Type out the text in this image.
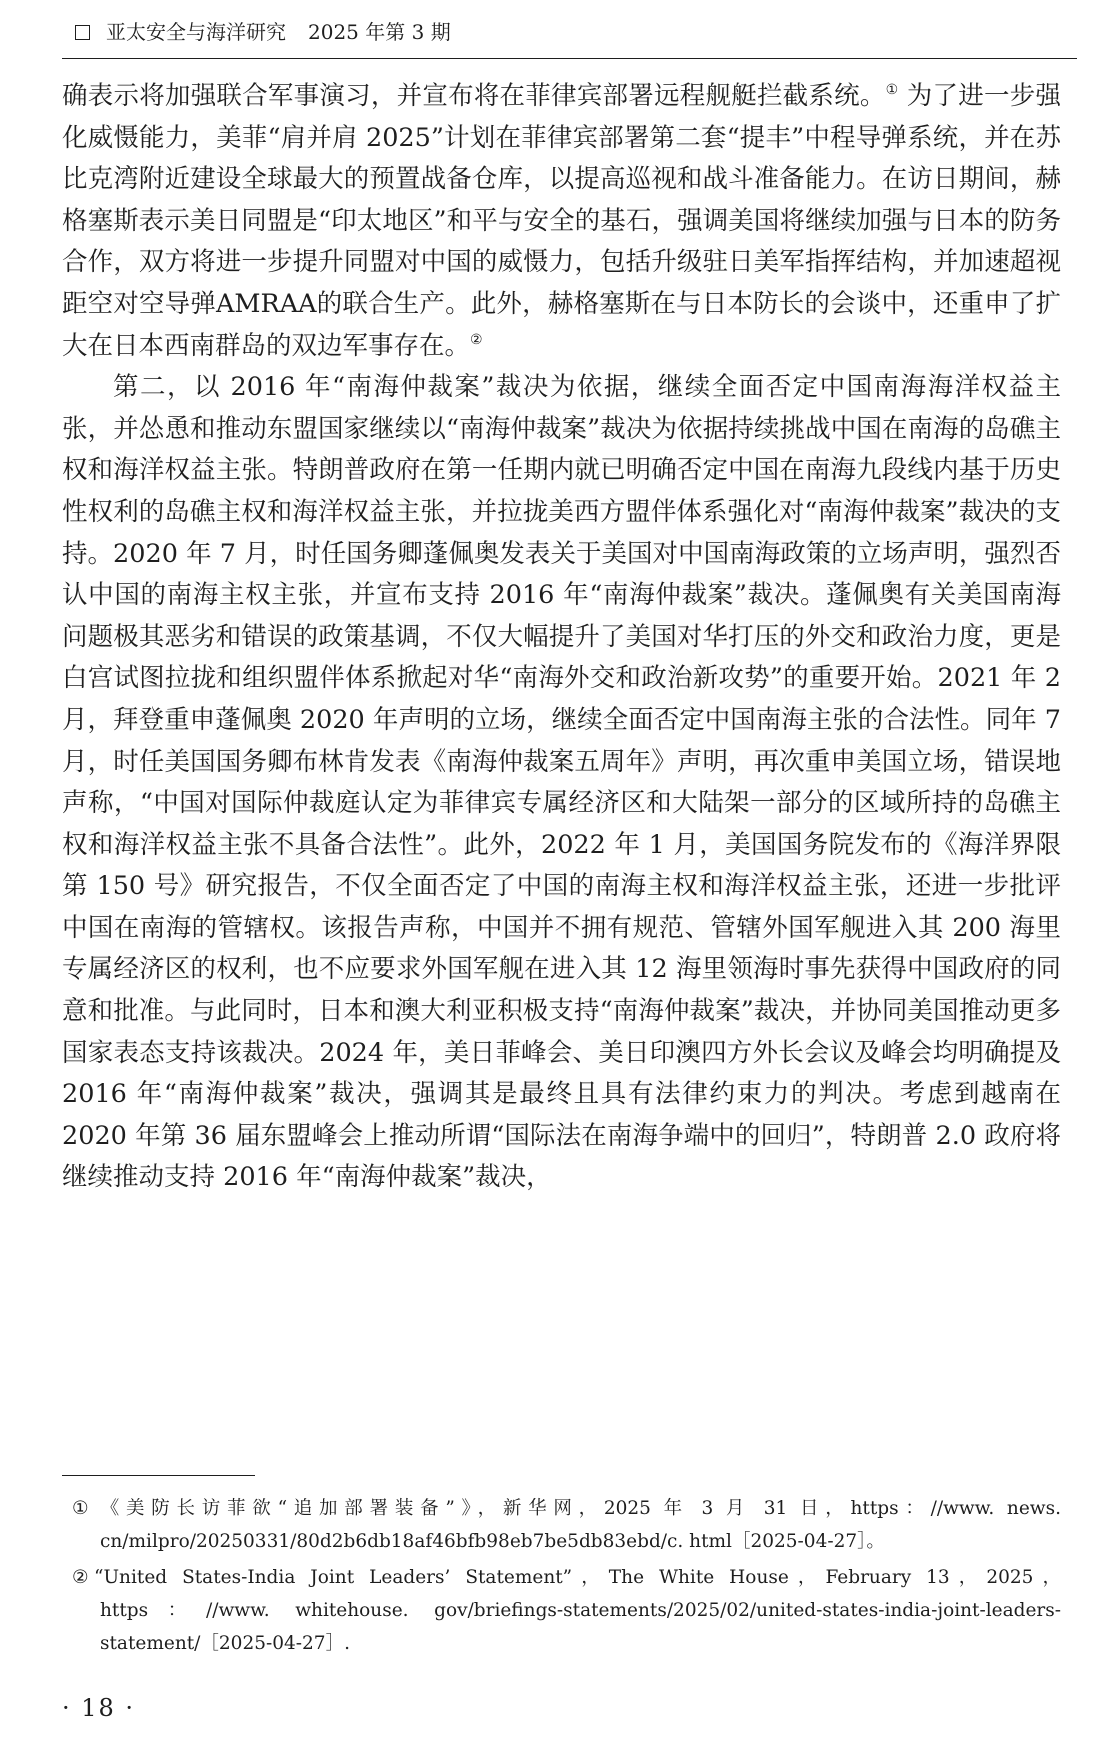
亚太安全与海洋研究 2025 年第 3 期

确表示将加强联合军事演习，并宣布将在菲律宾部署远程舰艇拦截系统。① 为了进一步强化威慑能力，美菲“肩并肩 2025”计划在菲律宾部署第二套“提丰”中程导弹系统，并在苏比克湾附近建设全球最大的预置战备仓库，以提高巡视和战斗准备能力。在访日期间，赫格塞斯表示美日同盟是“印太地区”和平与安全的基石，强调美国将继续加强与日本的防务合作，双方将进一步提升同盟对中国的威慑力，包括升级驻日美军指挥结构，并加速超视距空对空导弹AMRAA的联合生产。此外，赫格塞斯在与日本防长的会谈中，还重申了扩大在日本西南群岛的双边军事存在。②

第二，以 2016 年“南海仲裁案”裁决为依据，继续全面否定中国南海海洋权益主张，并怂恿和推动东盟国家继续以“南海仲裁案”裁决为依据持续挑战中国在南海的岛礁主权和海洋权益主张。特朗普政府在第一任期内就已明确否定中国在南海九段线内基于历史性权利的岛礁主权和海洋权益主张，并拉拢美西方盟伴体系强化对“南海仲裁案”裁决的支持。2020 年 7 月，时任国务卿蓬佩奥发表关于美国对中国南海政策的立场声明，强烈否认中国的南海主权主张，并宣布支持 2016 年“南海仲裁案”裁决。蓬佩奥有关美国南海问题极其恶劣和错误的政策基调，不仅大幅提升了美国对华打压的外交和政治力度，更是白宫试图拉拢和组织盟伴体系掀起对华“南海外交和政治新攻势”的重要开始。2021 年 2 月，拜登重申蓬佩奥 2020 年声明的立场，继续全面否定中国南海主张的合法性。同年 7 月，时任美国国务卿布林肯发表《南海仲裁案五周年》声明，再次重申美国立场，错误地声称，“中国对国际仲裁庭认定为菲律宾专属经济区和大陆架一部分的区域所持的岛礁主权和海洋权益主张不具备合法性”。此外，2022 年 1 月，美国国务院发布的《海洋界限第 150 号》研究报告，不仅全面否定了中国的南海主权和海洋权益主张，还进一步批评中国在南海的管辖权。该报告声称，中国并不拥有规范、管辖外国军舰进入其 200 海里专属经济区的权利，也不应要求外国军舰在进入其 12 海里领海时事先获得中国政府的同意和批准。与此同时，日本和澳大利亚积极支持“南海仲裁案”裁决，并协同美国推动更多国家表态支持该裁决。2024 年，美日菲峰会、美日印澳四方外长会议及峰会均明确提及 2016 年“南海仲裁案”裁决，强调其是最终且具有法律约束力的判决。考虑到越南在 2020 年第 36 届东盟峰会上推动所谓“国际法在南海争端中的回归”，特朗普 2.0 政府将继续推动支持 2016 年“南海仲裁案”裁决，

① 《美防长访菲欲“追加部署装备”》，新华网，2025 年 3 月 31 日，https：//www. news. cn/milpro/20250331/80d2b6db18af46bfb98eb7be5db83ebd/c. html［2025-04-27］。

② “United States-India Joint Leaders’ Statement”，The White House，February 13，2025，https：//www. whitehouse. gov/briefings-statements/2025/02/united-states-india-joint-leaders-statement/［2025-04-27］.

· 18 ·
